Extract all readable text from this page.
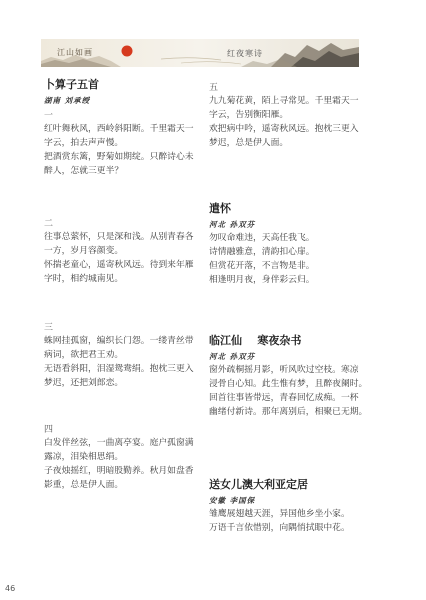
江山如画	红夜寒诗
卜算子五首
湖南 刘承绶
一
红叶舞秋风，西岭斜阳断。千里霜天一
字云，拍去声声慢。
把酒赏东篱，野菊如期绽。只醉诗心未
醉人，怎就三更半？
二
往事总萦怀，只是深和浅。从别青春各
一方，岁月容颜变。
怀揣老童心，遥寄秋风远。待到来年雁
字时，相约城南见。
三
蛛网挂孤窗，编织长门怨。一缕青丝带
病词，欲把君王劝。
无语看斜阳，泪湿鸳鸯绢。抱枕三更入
梦迟，还把刘郎恋。
四
白发伴丝弦，一曲离亭宴。庭户孤窗满
露凉，泪染相思绢。
子夜烛摇红，明暗股勤养。秋月如盘香
影重，总是伊人面。
五
九九菊花黄，陌上寻常见。千里霜天一
字云，告别衡阳雁。
欢把病中吟，遥寄秋风远。抱枕三更入
梦迟，总是伊人面。
遣怀
河北 孙双芬
勿叹命难违，天高任我飞。
诗情融雅意，清韵扣心扉。
但赏花开落，不言物是非。
相逢明月夜，身伴彩云归。
临江仙    寒夜杂书
河北 孙双芬
窗外疏桐摇月影，听风吹过空枝。寒凉
浸骨自心知。此生惟有梦，且醉夜阑时。
回首往事皆带远，青春回忆成痴。一杯
幽绪付新诗。那年离别后，相聚已无期。
送女儿澳大利亚定居
安徽 李国保
雏鹰展翅越天涯，异国他乡坐小家。
万语千言依惜别，向隅悄拭眼中花。
46
